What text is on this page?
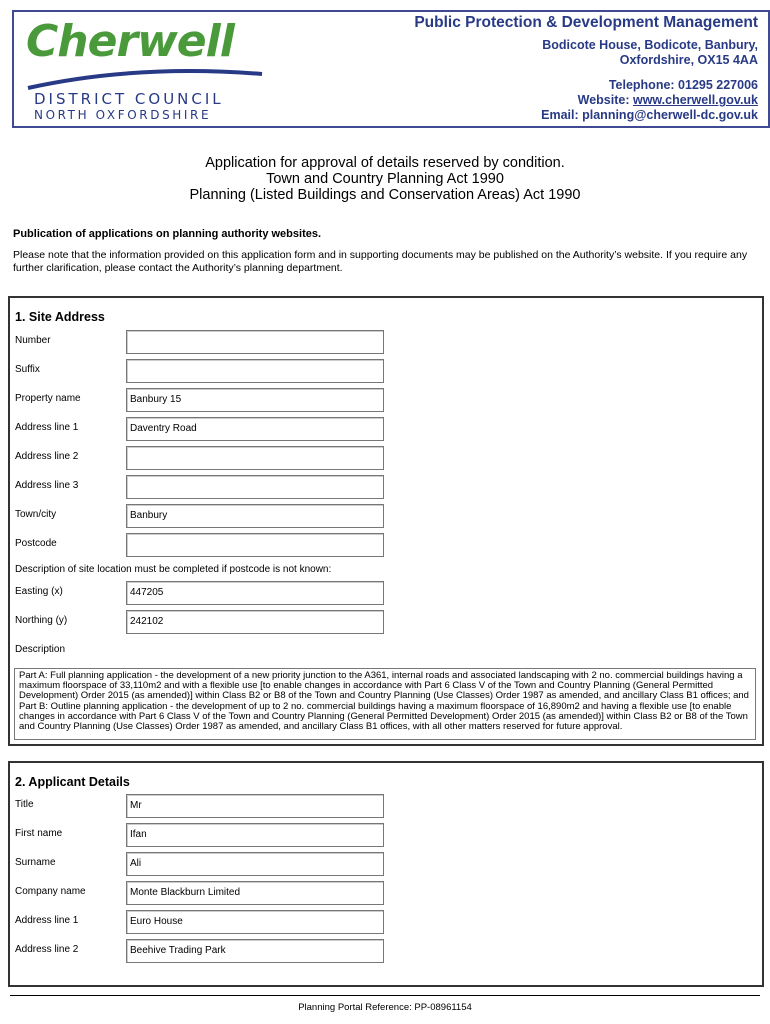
Cherwell
DISTRICT COUNCIL
NORTH OXFORDSHIRE
Public Protection & Development Management
Bodicote House, Bodicote, Banbury,
Oxfordshire, OX15 4AA
Telephone: 01295 227006
Website: www.cherwell.gov.uk
Email: planning@cherwell-dc.gov.uk
Application for approval of details reserved by condition.
Town and Country Planning Act 1990
Planning (Listed Buildings and Conservation Areas) Act 1990
Publication of applications on planning authority websites.
Please note that the information provided on this application form and in supporting documents may be published on the Authority’s website. If you require any further clarification, please contact the Authority’s planning department.
1. Site Address
Number
Suffix
Property name	Banbury 15
Address line 1	Daventry Road
Address line 2
Address line 3
Town/city	Banbury
Postcode
Description of site location must be completed if postcode is not known:
Easting (x)	447205
Northing (y)	242102
Description
Part A: Full planning application - the development of a new priority junction to the A361, internal roads and associated landscaping with 2 no. commercial buildings having a maximum floorspace of 33,110m2 and with a flexible use [to enable changes in accordance with Part 6 Class V of the Town and Country Planning (General Permitted Development) Order 2015 (as amended)] within Class B2 or B8 of the Town and Country Planning (Use Classes) Order 1987 as amended, and ancillary Class B1 offices; and Part B: Outline planning application - the development of up to 2 no. commercial buildings having a maximum floorspace of 16,890m2 and having a flexible use [to enable changes in accordance with Part 6 Class V of the Town and Country Planning (General Permitted Development) Order 2015 (as amended)] within Class B2 or B8 of the Town and Country Planning (Use Classes) Order 1987 as amended, and ancillary Class B1 offices, with all other matters reserved for future approval.
2. Applicant Details
Title	Mr
First name	Ifan
Surname	Ali
Company name	Monte Blackburn Limited
Address line 1	Euro House
Address line 2	Beehive Trading Park
Planning Portal Reference: PP-08961154
